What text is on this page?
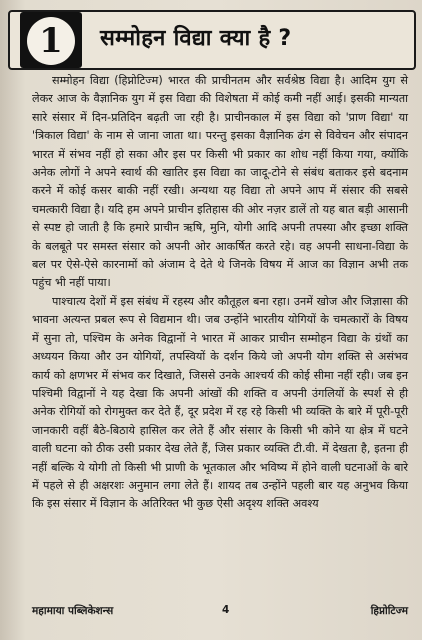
1	सम्मोहन विद्या क्या है ?

सम्मोहन विद्या (हिप्नोटिज्म) भारत की प्राचीनतम और सर्वश्रेष्ठ विद्या है। आदिम युग से लेकर आज के वैज्ञानिक युग में इस विद्या की विशेषता में कोई कमी नहीं आई। इसकी मान्यता सारे संसार में दिन-प्रतिदिन बढ़ती जा रही है। प्राचीनकाल में इस विद्या को 'प्राण विद्या' या 'त्रिकाल विद्या' के नाम से जाना जाता था। परन्तु इसका वैज्ञानिक ढंग से विवेचन और संपादन भारत में संभव नहीं हो सका और इस पर किसी भी प्रकार का शोध नहीं किया गया, क्योंकि अनेक लोगों ने अपने स्वार्थ की खातिर इस विद्या का जादू-टोने से संबंध बताकर इसे बदनाम करने में कोई कसर बाकी नहीं रखी। अन्यथा यह विद्या तो अपने आप में संसार की सबसे चमत्कारी विद्या है। यदि हम अपने प्राचीन इतिहास की ओर नज़र डालें तो यह बात बड़ी आसानी से स्पष्ट हो जाती है कि हमारे प्राचीन ऋषि, मुनि, योगी आदि अपनी तपस्या और इच्छा शक्ति के बलबूते पर समस्त संसार को अपनी ओर आकर्षित करते रहे। वह अपनी साधना-विद्या के बल पर ऐसे-ऐसे कारनामों को अंजाम दे देते थे जिनके विषय में आज का विज्ञान अभी तक पहुंच भी नहीं पाया।

पाश्चात्य देशों में इस संबंध में रहस्य और कौतूहल बना रहा। उनमें खोज और जिज्ञासा की भावना अत्यन्त प्रबल रूप से विद्यमान थी। जब उन्होंने भारतीय योगियों के चमत्कारों के विषय में सुना तो, पश्चिम के अनेक विद्वानों ने भारत में आकर प्राचीन सम्मोहन विद्या के ग्रंथों का अध्ययन किया और उन योगियों, तपस्वियों के दर्शन किये जो अपनी योग शक्ति से असंभव कार्य को क्षणभर में संभव कर दिखाते, जिससे उनके आश्चर्य की कोई सीमा नहीं रही। जब इन पश्चिमी विद्वानों ने यह देखा कि अपनी आंखों की शक्ति व अपनी उंगलियों के स्पर्श से ही अनेक रोगियों को रोगमुक्त कर देते हैं, दूर प्रदेश में रह रहे किसी भी व्यक्ति के बारे में पूरी-पूरी जानकारी वहीं बैठे-बिठाये हासिल कर लेते हैं और संसार के किसी भी कोने या क्षेत्र में घटने वाली घटना को ठीक उसी प्रकार देख लेते हैं, जिस प्रकार व्यक्ति टी.वी. में देखता है, इतना ही नहीं बल्कि ये योगी तो किसी भी प्राणी के भूतकाल और भविष्य में होने वाली घटनाओं के बारे में पहले से ही अक्षरशः अनुमान लगा लेते हैं। शायद तब उन्होंने पहली बार यह अनुभव किया कि इस संसार में विज्ञान के अतिरिक्त भी कुछ ऐसी अदृश्य शक्ति अवश्य

महामाया पब्लिकेशन्स	4	हिप्नोटिज्म
